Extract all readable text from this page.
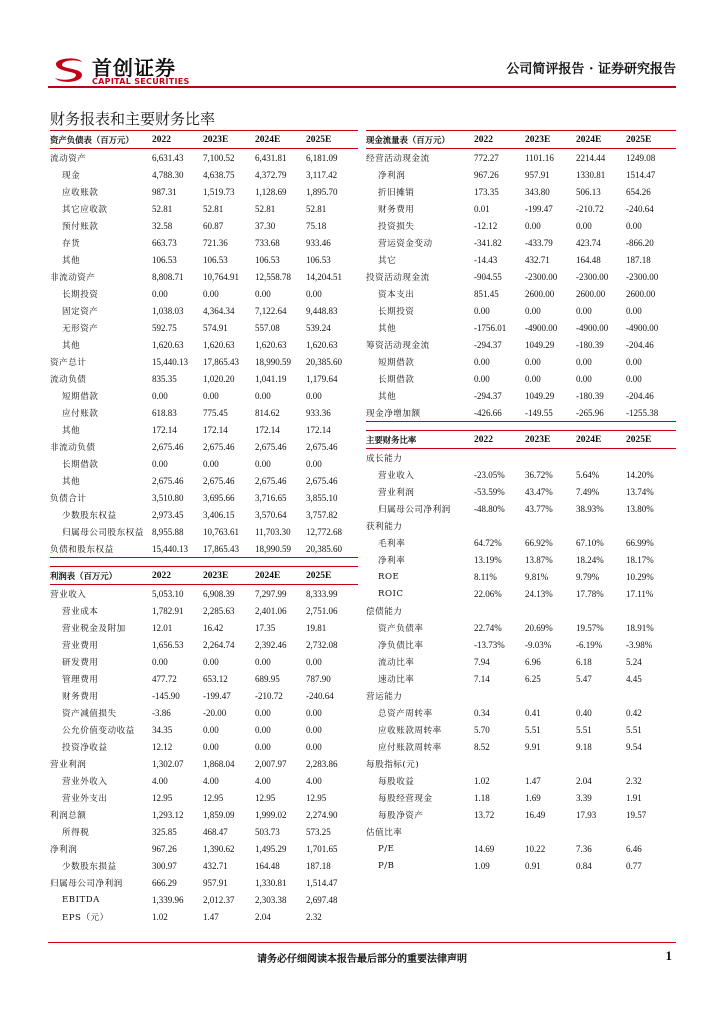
首创证券
CAPITAL SECURITIES
公司简评报告 · 证券研究报告
财务报表和主要财务比率
资产负债表（百万元）	2022	2023E	2024E	2025E
流动资产	6,631.43	7,100.52	6,431.81	6,181.09
现金	4,788.30	4,638.75	4,372.79	3,117.42
应收账款	987.31	1,519.73	1,128.69	1,895.70
其它应收款	52.81	52.81	52.81	52.81
预付账款	32.58	60.87	37.30	75.18
存货	663.73	721.36	733.68	933.46
其他	106.53	106.53	106.53	106.53
非流动资产	8,808.71	10,764.91	12,558.78	14,204.51
长期投资	0.00	0.00	0.00	0.00
固定资产	1,038.03	4,364.34	7,122.64	9,448.83
无形资产	592.75	574.91	557.08	539.24
其他	1,620.63	1,620.63	1,620.63	1,620.63
资产总计	15,440.13	17,865.43	18,990.59	20,385.60
流动负债	835.35	1,020.20	1,041.19	1,179.64
短期借款	0.00	0.00	0.00	0.00
应付账款	618.83	775.45	814.62	933.36
其他	172.14	172.14	172.14	172.14
非流动负债	2,675.46	2,675.46	2,675.46	2,675.46
长期借款	0.00	0.00	0.00	0.00
其他	2,675.46	2,675.46	2,675.46	2,675.46
负债合计	3,510.80	3,695.66	3,716.65	3,855.10
少数股东权益	2,973.45	3,406.15	3,570.64	3,757.82
归属母公司股东权益	8,955.88	10,763.61	11,703.30	12,772.68
负债和股东权益	15,440.13	17,865.43	18,990.59	20,385.60
利润表（百万元）	2022	2023E	2024E	2025E
营业收入	5,053.10	6,908.39	7,297.99	8,333.99
营业成本	1,782.91	2,285.63	2,401.06	2,751.06
营业税金及附加	12.01	16.42	17.35	19.81
营业费用	1,656.53	2,264.74	2,392.46	2,732.08
研发费用	0.00	0.00	0.00	0.00
管理费用	477.72	653.12	689.95	787.90
财务费用	-145.90	-199.47	-210.72	-240.64
资产减值损失	-3.86	-20.00	0.00	0.00
公允价值变动收益	34.35	0.00	0.00	0.00
投资净收益	12.12	0.00	0.00	0.00
营业利润	1,302.07	1,868.04	2,007.97	2,283.86
营业外收入	4.00	4.00	4.00	4.00
营业外支出	12.95	12.95	12.95	12.95
利润总额	1,293.12	1,859.09	1,999.02	2,274.90
所得税	325.85	468.47	503.73	573.25
净利润	967.26	1,390.62	1,495.29	1,701.65
少数股东损益	300.97	432.71	164.48	187.18
归属母公司净利润	666.29	957.91	1,330.81	1,514.47
EBITDA	1,339.96	2,012.37	2,303.38	2,697.48
EPS（元）	1.02	1.47	2.04	2.32
现金流量表（百万元）	2022	2023E	2024E	2025E
经营活动现金流	772.27	1101.16	2214.44	1249.08
净利润	967.26	957.91	1330.81	1514.47
折旧摊销	173.35	343.80	506.13	654.26
财务费用	0.01	-199.47	-210.72	-240.64
投资损失	-12.12	0.00	0.00	0.00
营运资金变动	-341.82	-433.79	423.74	-866.20
其它	-14.43	432.71	164.48	187.18
投资活动现金流	-904.55	-2300.00	-2300.00	-2300.00
资本支出	851.45	2600.00	2600.00	2600.00
长期投资	0.00	0.00	0.00	0.00
其他	-1756.01	-4900.00	-4900.00	-4900.00
筹资活动现金流	-294.37	1049.29	-180.39	-204.46
短期借款	0.00	0.00	0.00	0.00
长期借款	0.00	0.00	0.00	0.00
其他	-294.37	1049.29	-180.39	-204.46
现金净增加额	-426.66	-149.55	-265.96	-1255.38
主要财务比率	2022	2023E	2024E	2025E
成长能力				
营业收入	-23.05%	36.72%	5.64%	14.20%
营业利润	-53.59%	43.47%	7.49%	13.74%
归属母公司净利润	-48.80%	43.77%	38.93%	13.80%
获利能力				
毛利率	64.72%	66.92%	67.10%	66.99%
净利率	13.19%	13.87%	18.24%	18.17%
ROE	8.11%	9.81%	9.79%	10.29%
ROIC	22.06%	24.13%	17.78%	17.11%
偿债能力				
资产负债率	22.74%	20.69%	19.57%	18.91%
净负债比率	-13.73%	-9.03%	-6.19%	-3.98%
流动比率	7.94	6.96	6.18	5.24
速动比率	7.14	6.25	5.47	4.45
营运能力				
总资产周转率	0.34	0.41	0.40	0.42
应收账款周转率	5.70	5.51	5.51	5.51
应付账款周转率	8.52	9.91	9.18	9.54
每股指标(元)				
每股收益	1.02	1.47	2.04	2.32
每股经营现金	1.18	1.69	3.39	1.91
每股净资产	13.72	16.49	17.93	19.57
估值比率				
P/E	14.69	10.22	7.36	6.46
P/B	1.09	0.91	0.84	0.77
请务必仔细阅读本报告最后部分的重要法律声明	1
